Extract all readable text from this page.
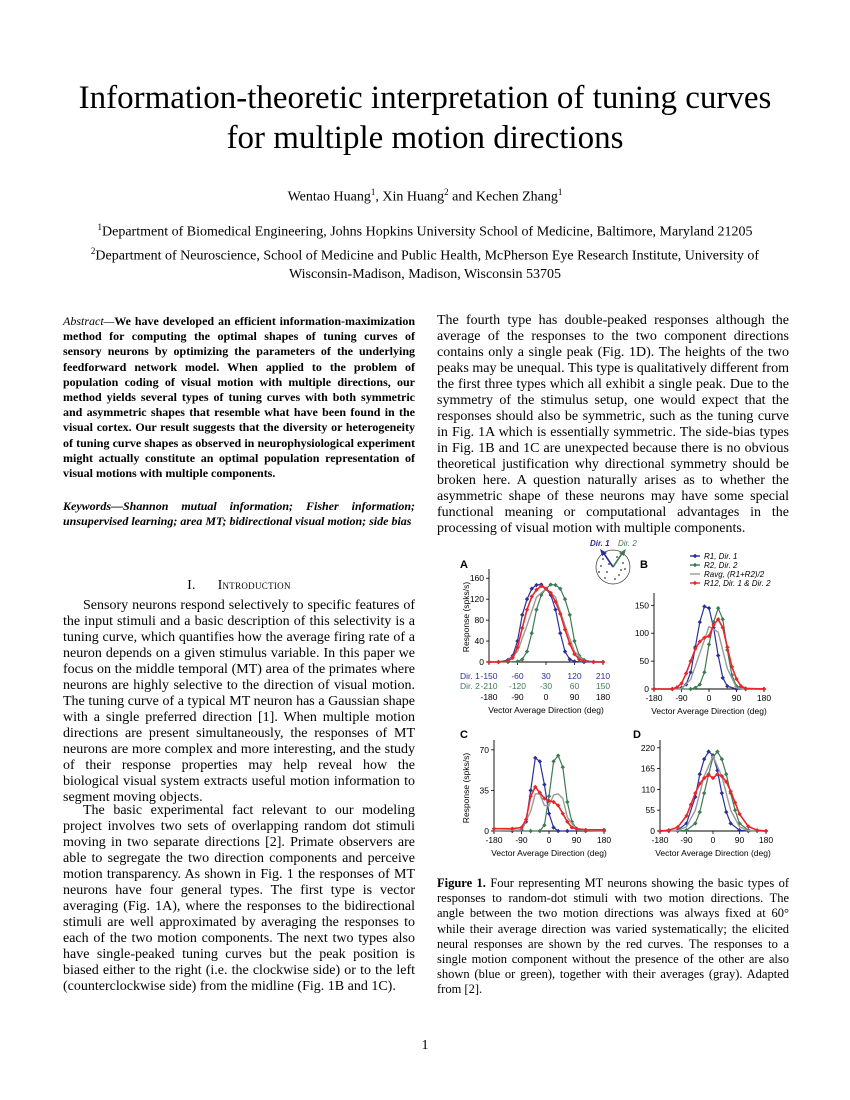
Information-theoretic interpretation of tuning curves
for multiple motion directions
Wentao Huang$^1$, Xin Huang$^2$ and Kechen Zhang$^1$
$^1$Department of Biomedical Engineering, Johns Hopkins University School of Medicine, Baltimore, Maryland 21205
$^2$Department of Neuroscience, School of Medicine and Public Health, McPherson Eye Research Institute, University of Wisconsin-Madison, Madison, Wisconsin 53705
Abstract—We have developed an efficient information-maximization method for computing the optimal shapes of tuning curves of sensory neurons by optimizing the parameters of the underlying feedforward network model. When applied to the problem of population coding of visual motion with multiple directions, our method yields several types of tuning curves with both symmetric and asymmetric shapes that resemble what have been found in the visual cortex. Our result suggests that the diversity or heterogeneity of tuning curve shapes as observed in neurophysiological experiment might actually constitute an optimal population representation of visual motions with multiple components.
Keywords—Shannon mutual information; Fisher information; unsupervised learning; area MT; bidirectional visual motion; side bias
I. Introduction
Sensory neurons respond selectively to specific features of the input stimuli and a basic description of this selectivity is a tuning curve, which quantifies how the average firing rate of a neuron depends on a given stimulus variable. In this paper we focus on the middle temporal (MT) area of the primates where neurons are highly selective to the direction of visual motion. The tuning curve of a typical MT neuron has a Gaussian shape with a single preferred direction [1]. When multiple motion directions are present simultaneously, the responses of MT neurons are more complex and more interesting, and the study of their response properties may help reveal how the biological visual system extracts useful motion information to segment moving objects.
The basic experimental fact relevant to our modeling project involves two sets of overlapping random dot stimuli moving in two separate directions [2]. Primate observers are able to segregate the two direction components and perceive motion transparency. As shown in Fig. 1 the responses of MT neurons have four general types. The first type is vector averaging (Fig. 1A), where the responses to the bidirectional stimuli are well approximated by averaging the responses to each of the two motion components. The next two types also have single-peaked tuning curves but the peak position is biased either to the right (i.e. the clockwise side) or to the left (counterclockwise side) from the midline (Fig. 1B and 1C).
The fourth type has double-peaked responses although the average of the responses to the two component directions contains only a single peak (Fig. 1D). The heights of the two peaks may be unequal. This type is qualitatively different from the first three types which all exhibit a single peak. Due to the symmetry of the stimulus setup, one would expect that the responses should also be symmetric, such as the tuning curve in Fig. 1A which is essentially symmetric. The side-bias types in Fig. 1B and 1C are unexpected because there is no obvious theoretical justification why directional symmetry should be broken here. A question naturally arises as to whether the asymmetric shape of these neurons may have some special functional meaning or computational advantages in the processing of visual motion with multiple components.
A
0
40
80
120
160
Dir. 1
Dir. 2
-150 -60 30 120 210
-210 -120 -30 60 150
-180 -90 0	90 180
Vector Average Direction (deg)
B
0
50
100
150
-180 -90 0 90 180
Vector Average Direction (deg)
C
0
35
70
-180 -90 0 90 180
Vector Average Direction (deg)
D
0
55
110
165
220
-180 -90 0 90 180
Vector Average Direction (deg)
Response (spks/s)
Response (spks/s)
Dir. 1 Dir. 2
R1, Dir. 1
R2, Dir. 2
Ravg, (R1+R2)/2
R12, Dir. 1 & Dir. 2
Figure 1. Four representing MT neurons showing the basic types of responses to random-dot stimuli with two motion directions. The angle between the two motion directions was always fixed at 60° while their average direction was varied systematically; the elicited neural responses are shown by the red curves. The responses to a single motion component without the presence of the other are also shown (blue or green), together with their averages (gray). Adapted from [2].
1
